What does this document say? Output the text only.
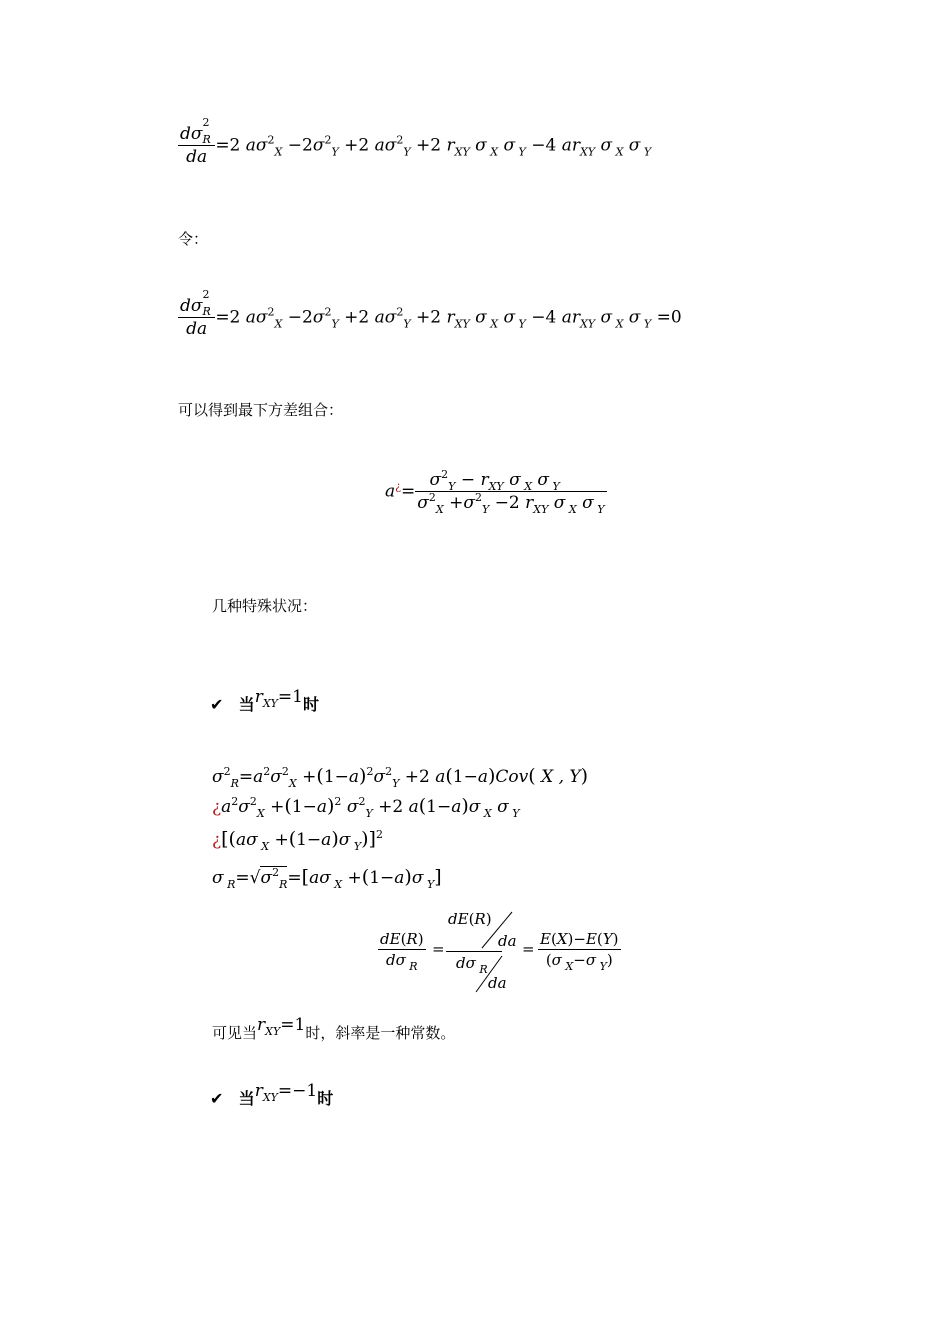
dσ
2
R

da =2 $a\sigma^2_X -2\sigma^2_Y +2$ $a\sigma^2_Y +2$ $r_{XY}$ σ $_X$ σ $_Y$ −4 $ar_{XY}$ σ $_X$ σ $_Y$
令：
dσ
2
R

da =2 $a\sigma^2_X -2\sigma^2_Y +2$ $a\sigma^2_Y +2$ $r_{XY}$ σ $_X$ σ $_Y$ −4 $ar_{XY}$ σ $_X$ σ $_Y$ =0
可以得到最下方差组合：
$a^¿= \frac{\sigma^2_Y - r_{XY} \sigma _X \sigma _Y}{\sigma^2_X +\sigma^2_Y -2 r_{XY} \sigma _X \sigma _Y}$
几种特殊状况：
✔ 当$r_{XY}=1$时
$\sigma^2_R=a^2\sigma^2_X +(1-a)^2\sigma^2_Y +2$ a(1−a)Cov( X , Y)
¿$a^2\sigma^2_X +(1-a)^2$ $\sigma^2_Y +2$ a(1−a)σ $_X$ σ $_Y$
¿[(aσ $_X$ +(1−a)σ $_Y$)]$^2$
σ $_R=√\sigma^2_R=[a\sigma$ $_X$ +(1−a)σ $_Y$]
$\frac{dE(R)}{d\sigma _R}$ =
dE(R)
da
dσ $_R$
da
= $\frac{E(X)-E(Y)}{(\sigma _X-\sigma _Y)}$
可见当$r_{XY}=1$时，斜率是一种常数。
✔ 当$r_{XY}=-1$时
